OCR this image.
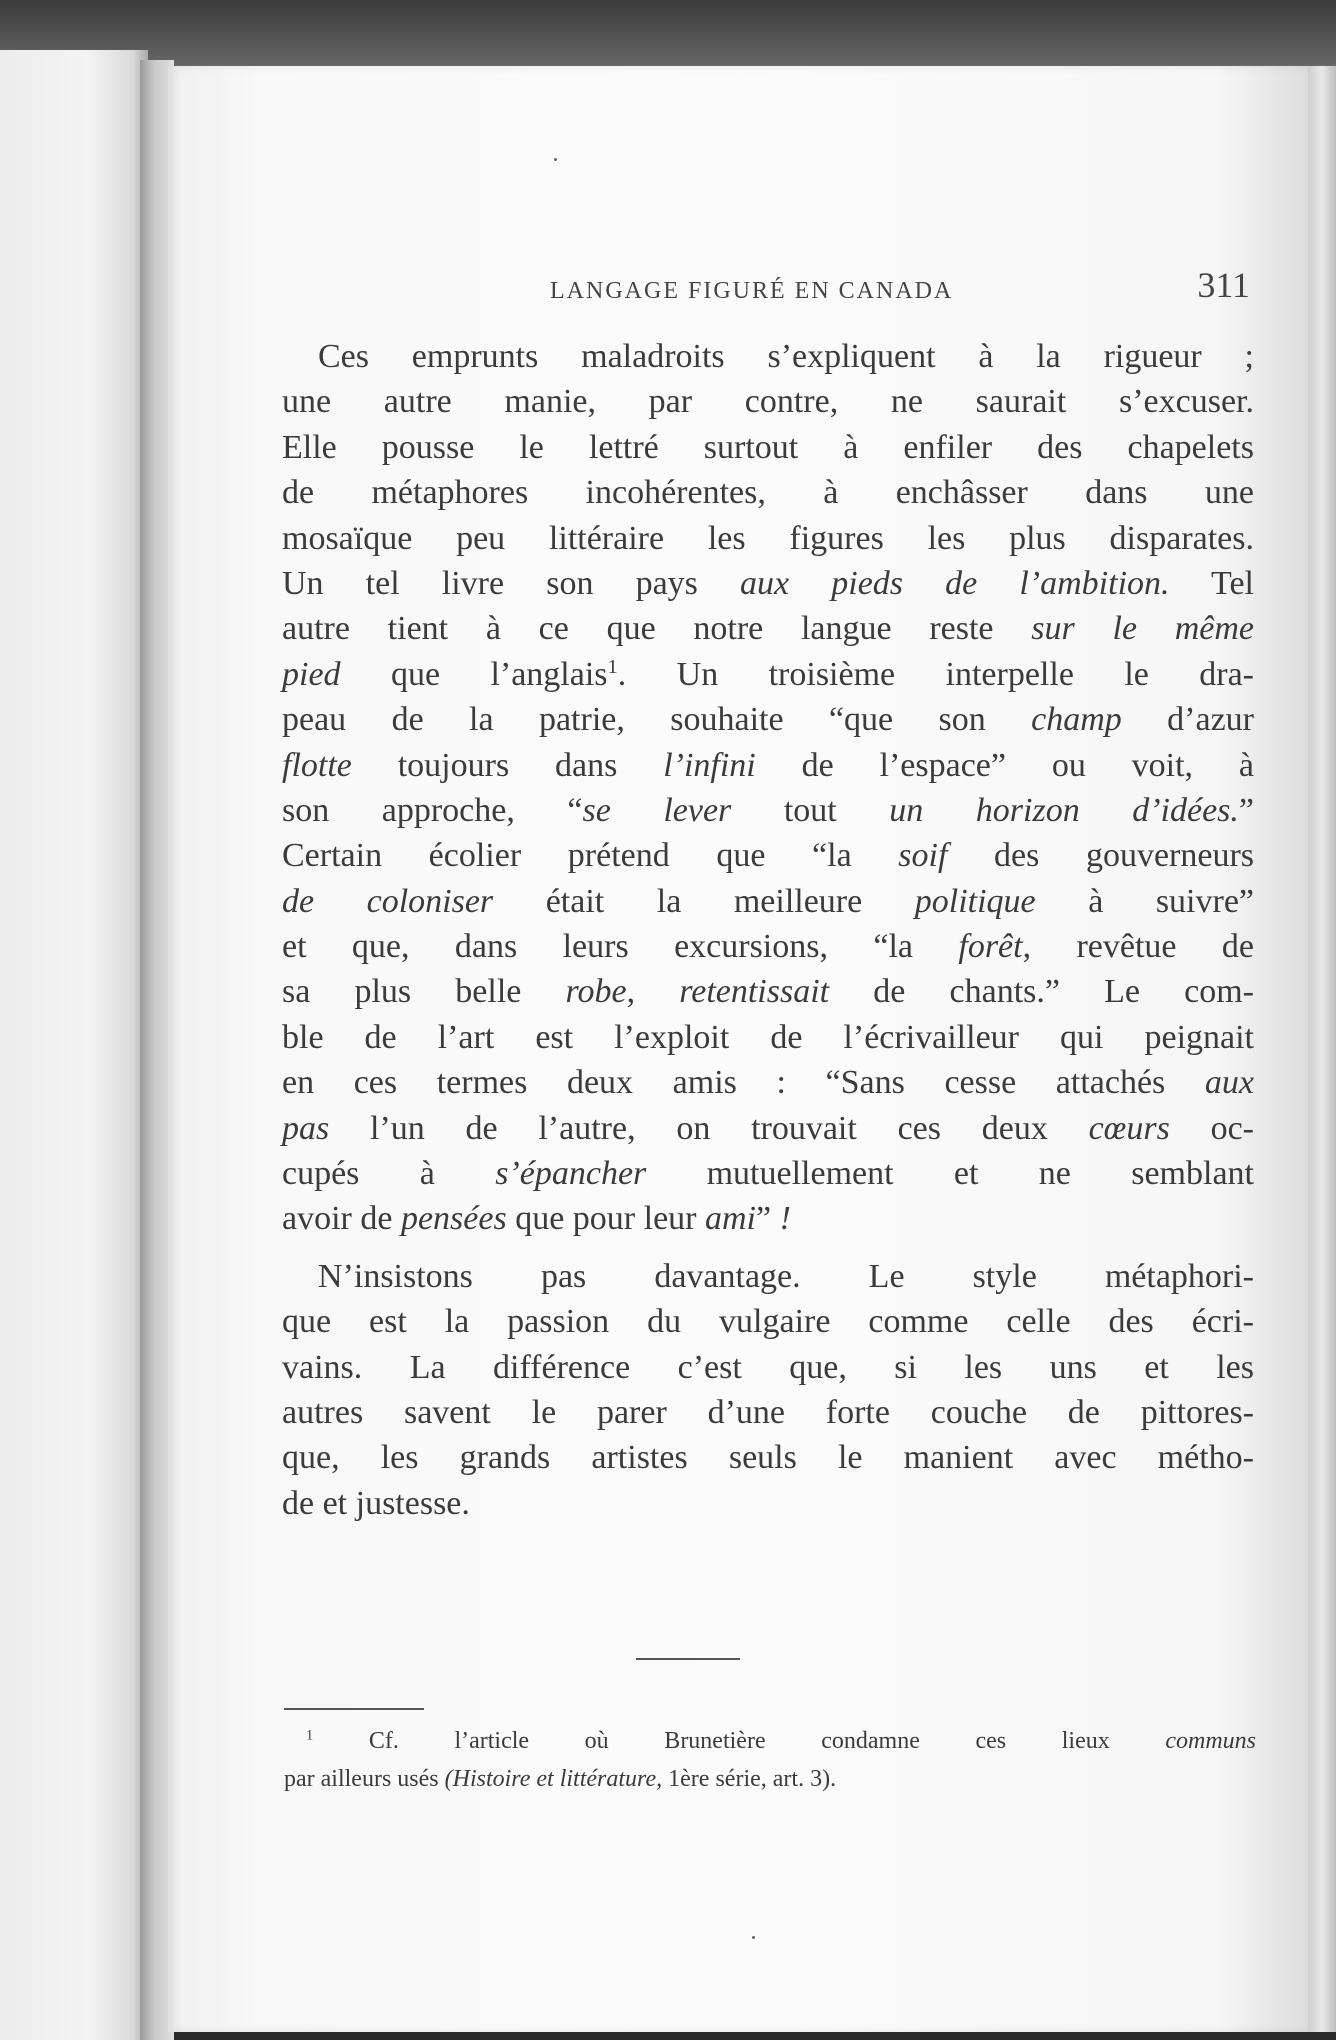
LANGAGE FIGURÉ EN CANADA	311
Ces emprunts maladroits s’expliquent à la rigueur ;
une autre manie, par contre, ne saurait s’excuser.
Elle pousse le lettré surtout à enfiler des chapelets
de métaphores incohérentes, à enchâsser dans une
mosaïque peu littéraire les figures les plus disparates.
Un tel livre son pays aux pieds de l’ambition. Tel
autre tient à ce que notre langue reste sur le même
pied que l’anglais$^1$. Un troisième interpelle le dra-
peau de la patrie, souhaite “que son champ d’azur
flotte toujours dans l’infini de l’espace” ou voit, à
son approche, “se lever tout un horizon d’idées.”
Certain écolier prétend que “la soif des gouverneurs
de coloniser était la meilleure politique à suivre”
et que, dans leurs excursions, “la forêt, revêtue de
sa plus belle robe, retentissait de chants.” Le com-
ble de l’art est l’exploit de l’écrivailleur qui peignait
en ces termes deux amis : “Sans cesse attachés aux
pas l’un de l’autre, on trouvait ces deux cœurs oc-
cupés à s’épancher mutuellement et ne semblant
avoir de pensées que pour leur ami” !
N’insistons pas davantage. Le style métaphori-
que est la passion du vulgaire comme celle des écri-
vains. La différence c’est que, si les uns et les
autres savent le parer d’une forte couche de pittores-
que, les grands artistes seuls le manient avec métho-
de et justesse.
$^1$ Cf. l’article où Brunetière condamne ces lieux communs
par ailleurs usés (Histoire et littérature, 1ère série, art. 3).
